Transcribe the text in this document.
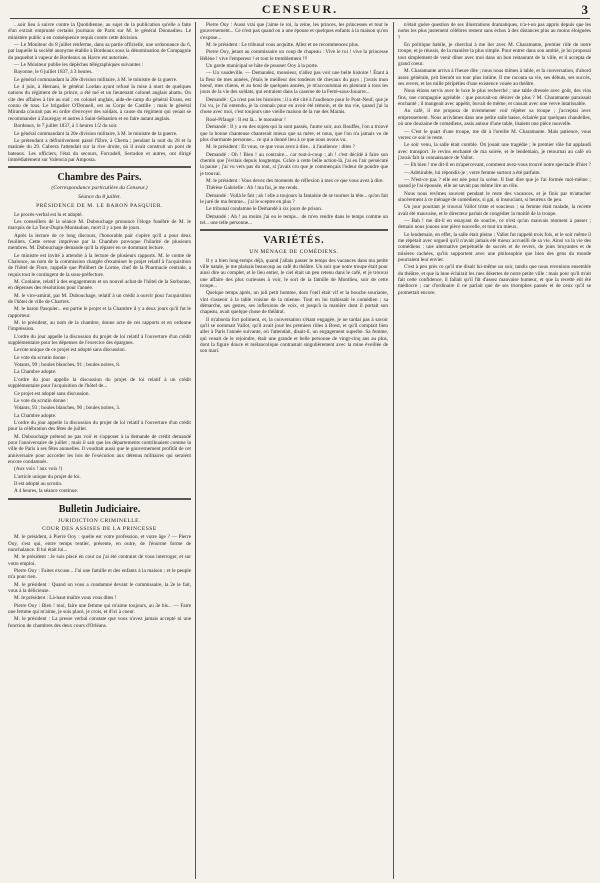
CENSEUR.	3

...soir lieu à suivre contre la Quotidienne, au sujet de la publication qu'elle a faite d'un extrait emprunté certains journaux de Paris sur M. le général Donnadieu. Le ministère public a en conséquence requis contre cette décision.

— Le Moniteur du 8 juillet renferme, dans sa partie officielle, une ordonnance du 6, par laquelle la société anonyme établie à Bordeaux sous la dénomination de Compagnie du paquebot à vapeur de Bordeaux au Havre est autorisée.

— Le Moniteur publie les dépêches télégraphiques suivantes :

Bayonne, le 6 juillet 1837, à 3 heures.

Le général commandant la 20e division militaire, à M. le ministre de la guerre.

Le 4 juin, à Hernani, le général Lordan ayant refusé la mise à mort de quelques nations du régiment de la prince, a été tué et un lieutenant colonel anglais abattu. On cite des affaires à lire au sud ; en colonel anglais, aide-de-camp du général Evans, est connu de tous. Le brigadier O'Donnell, est au Corps de Castille ; mais le général Miranda n'aurait pas eu ordre d'envoyer des soldats, à cause du régiment qui venait se recommander à Zouregay et autres à Saint-Sébastien et en faire autant anglais.

Bordeaux, le 7 juillet 1837, à 1 heures 1/2 du soir.

Le général commandant la 20e division militaire, à M. le ministre de la guerre.

Le prétendant a définitivement passé l'Ebre, à Cherta ; pendant la nuit du 28 et la matinée du 29. Cabrera l'attendait sur la rive droite, où il avait construit un pont de bateaux. Les officiers, l'état du secours, Forcadell, Serradon et autres, ont dirigé immédiatement sur Valencia par Amposta.

Chambre des Pairs.
(Correspondance particulière du Censeur.)
Séance du 8 juillet.
PRÉSIDENCE DE M. LE BARON PASQUIER.

Le procès-verbal est lu et adopté.

Les conseillers de la séance M. Dubouchage prononce l'éloge funèbre de M. le marquis de La Tour-Dupin-Montauban, mort il y a peu de jours.

Après la lecture de ce long discours, l'honorable pair s'opère qu'il a pour deux feuillets. Cette erreur imprévue par la Chambre provoque l'hilarité de plusieurs membres. M. Dubouchage demande qu'il la réparer en ce dommant lecture.

Le ministre est invité à attendre à la lecture de plusieurs rapports. M. le comte de Chalonce, au nom de la commission chargée d'examiner le projet relatif à l'acquisition de l'hôtel de Flore, rappelle que Philibert de Lorme, chef de la Pharmacie centrale, a requis tout le contingent de la sous-préfecture.

M. Conlaine, relatif à des engagements et un nouvel achat de l'hôtel de la Sorbonne, en dépenses des résolutions pour l'année.

M. le vice-amiral, par M. Dubouchage, relatif à un crédit à ouvrir pour l'acquisition de l'hôtel de ville de Chartres.

M. le baron Pasquier... est partie le projet et la Chambre il y a deux jours qu'il fut le rapporteur.

M. le président, au nom de la chambre, donne acte de ces rapports et en ordonne l'impression.

L'ordre du jour appelle la discussion du projet de loi relatif à l'ouverture d'un crédit supplémentaire pour les dépenses de l'exercice des épargnes.

Levote unique de ce projet est adopté sans discussion.

Le vote du scrutin donne :

Votants, 99 ; boules blanches, 91 ; boules noires, 8.

La Chambre adopte.

L'ordre du jour appelle la discussion du projet de loi relatif à un crédit supplémentaire pour l'acquisition de l'hôtel de...

Ce projet est adopté sans discussion.

Le vote du scrutin donne :

Votants, 93 ; boules blanches, 90 ; boules noires, 3.

La Chambre adopte.

L'ordre du jour appelle la discussion du projet de loi relatif à l'ouverture d'un crédit pour la célébration des fêtes de juillet.

M. Dubouchage prétend ne pas voir et s'opposer à la demande de crédit demandé pour l'anniversaire de juillet ; mais il sait que les départements contribuaient comme la ville de Paris à ses fêtes annuelles. Il voudrait aussi que le gouvernement profitât de cet anniversaire pour accorder les lois de l'exécution aux détenus militaires qui seraient encore condamnés.

(Aux voix ! aux voix !)

L'article unique du projet de loi.

Il est adopté au scrutin.

A 4 heures, la séance continue.

Bulletin Judiciaire.
JURIDICTION CRIMINELLE.
COUR DES ASSISES DE LA PRINCESSE

M. le président, à Pierre Ooy : quelle est votre profession, et votre âge ? — Pierre Ooy, s'est qui, entre temps rentier, présente, en outre, de l'énorme forme de nonchalance. Il lui était lui...

M. le président : Je suis placé en cour ou j'ai été contraint de vous interroger, et sur votre emploi.

Pierre Ooy : Faites excuse... J'ai une famille et des enfants à la maison ; et le peuple m'a pour rien.

M. le président : Quand on vous a condamné devant le commissaire, la 2e le fait, vous à la délicieuse.

M. le président : Là-haut maître vous vous dites !

Pierre Ooy : Bien ! moi, faire une femme qui m'aime toujours, au 3e bis... — Faire une femme qui m'aime, je suis placé, je crois, et d'ici à coeur.

M. le président : La presse verbal constate que vous n'avez jamais accepté ni une fonction de chambres des deux cours d'Orléans.

Pierre Ooy : Aussi vrai que j'aime le roi, la reine, les princes, les princesses et tout le gouvernement... Ce n'est pas quand on a une épouse et quelques enfants à la maison qu'on s'expose...

M. le président : Le tribunal vous acquitte. Allez et ne recommencez plus.

Pierre Ooy, jetant au commissaire un coup de chapeau : Vive le roi ! vive la princesse Hélène ! vive l'empereur ! et tout le tremblement !!!

Un garde municipal se hâte de pousser Ooy à la porte.

— Un vaudeville. — Demandez, monsieur, n'allez pas voir une belle histoire ! Étant à la fleur de mes années, j'étais le meilleur des tondeurs de chevaux du pays ; j'avais mon boeuf, mes chiens, et au bout de quelques années, je m'accoutumai en pleurant à tous les jours de la vie des soldats, qui entraient dans la caserne de la Ferté-sous-Jouarre...

Demandé : Ça n'est pas les histoires ; il a été cité à l'audience pour le Pont-Neuf, que je l'ai vu, je l'ai entendu, je la connais pour en avoir été témoin, et de ma vie, quand j'ai la chose avec moi, c'est toujours une vieille maison de la rue des Marais.

Rosé-Pifaugé : Il est là... le monsieur !

Demandé : Il y a eu des sujets qui la sont passés, l'autre soir, aux Bouffes, l'on a trouvé que la bonne chanteuse chanterait mieux que sa mère, et nous, que l'on n'a jamais vu de plus charmante personne... ce qui a donné lieu à ce que nous avons vu.

M. le président : Et vous, ce que vous avez à dire... à l'audience : dites ?

Demandé : Oh ! Bien ! au contraire... car tout-à-coup ; ah ! c'est décidé à faire son chemin que j'évitais depuis longtemps. Grâce à cette belle action-là, j'ai eu l'air persécuté la pause ; j'ai vu vers pas du tout, si j'avais cru que je commençais l'odeur de poudre que je trouvai.

M. le président : Vous devez des moments de réflexion à mes ce que vous avez à dire.

Thérèse Gabrielle : Ah ! ma foi, je me rends.

Demandé : Voilà le fait ; ah ! elle a toujours la fantaisie de se tourner la tête... qu'on fait le juré de ma femme... j'ai le sceptre en plus ?

Le tribunal condamne le Demandé à six jours de prison.

Demandé : Ah ! au moins j'ai eu le temps... de m'en rendre dans le temps comme un tel... une telle personne...

VARIÉTÉS.
UN MÉNAGE DE COMÉDIENS.

Il y a bien long-temps déjà, quand j'allais passer le temps des vacances dans ma petite ville natale, je me plaisais beaucoup au café du théâtre. Un soir que notre troupe était pour ainsi dire au complet, et le lieu entier, le ciel était un peu retenu dans le café, et je trouvai une affaire des plus curieuses à voir, le sort de la famille de Montlieu, soir de cette troupe...

Quelque temps après, un joli petit homme, dont l'oeil était vif et la bouche souriante, vint s'asseoir à la table voisine de la mienne. Tout en lui trahissait le comédien ; sa démarche, ses gestes, ses inflexions de voix, et jusqu'à la manière dont il portait son chapeau, avait quelque chose de théâtral.

Il m'aborda fort poliment, et, la conversation s'étant engagée, je ne tardai pas à savoir qu'il se nommait Vallot, qu'il avait joué les premiers rôles à Brest, et qu'il comptait bien aller à Paris l'année suivante, où l'attendait, disait-il, un engagement superbe. Sa femme, qui venait de le rejoindre, était une grande et belle personne de vingt-cinq ans au plus, dont la figure douce et mélancolique contrastait singulièrement avec la mine éveillée de son mari.

n'était guère question de ses illustrations dramatiques, n'a-t-on pas appris depuis que les noms les plus justement célèbres restent sans échos à des distances plus au moins éloignées ?

En politique habile, je cherchai à me lier avec M. Charamante, premier rôle de notre troupe, et je réussis, de la manière la plus simple. Pour entrer dans son amitié, je lui proposai tout simplement de venir dîner avec moi dans un bon restaurant de la ville, et il accepta de grand coeur.

M. Charamante arriva à l'heure dite ; nous nous mîmes à table, et la conversation, d'abord assez générale, prit bientôt un tour plus intime. Il me raconta sa vie, ses débuts, ses succès, ses revers, et les mille péripéties d'une existence vouée au théâtre.

Nous étions servis avec le luxe le plus recherché ; une table dressée avec goût, des vins fins, une compagnie agréable : que pouvait-on désirer de plus ? M. Charamante paraissait enchanté ; il mangeait avec appétit, buvait de même, et causait avec une verve intarissable.

Au café, il me proposa de m'emmener voir répéter sa troupe ; j'acceptai avec empressement. Nous arrivâmes dans une petite salle basse, éclairée par quelques chandelles, où une douzaine de comédiens, assis autour d'une table, lisaient une pièce nouvelle.

— C'est le quart d'une troupe, me dit à l'oreille M. Charamante. Mais patience, vous verrez ce soir le reste.

Le soir venu, la salle était comble. On jouait une tragédie ; le premier rôle fut applaudi avec transport. Je revins enchanté de ma soirée, et le lendemain, je retournai au café où j'avais fait la connaissance de Vallot.

— Eh bien ! me dit-il en m'apercevant, comment avez-vous trouvé notre spectacle d'hier ?

— Admirable, lui répondis-je ; votre femme surtout a été parfaite.

— N'est-ce pas ? elle est née pour la scène. Il faut dire que je l'ai formée moi-même ; quand je l'ai épousée, elle ne savait pas même lire un rôle.

Nous nous revîmes souvent pendant le reste des vacances, et je finis par m'attacher sincèrement à ce ménage de comédiens, si gai, si insouciant, si heureux de peu.

Un jour pourtant je trouvai Vallot triste et soucieux ; sa femme était malade, la recette avait été mauvaise, et le directeur parlait de congédier la moitié de la troupe.

— Bah ! me dit-il en essayant de sourire, ce n'est qu'un mauvais moment à passer ; demain nous jouons une pièce nouvelle, et tout ira mieux.

Le lendemain, en effet, la salle était pleine ; Vallot fut rappelé trois fois, et le soir même il me répétait avec orgueil qu'il n'avait jamais été mieux accueilli de sa vie. Ainsi va la vie des comédiens : une alternative perpétuelle de succès et de revers, de joies bruyantes et de misères cachées, qu'ils supportent avec une philosophie que bien des gens du monde pourraient leur envier.

C'est à peu près ce qu'il me disait lui-même un soir, tandis que nous revenions ensemble du théâtre, et que la lune éclairait les rues désertes de notre petite ville : mais pour qu'il m'ait fait cette confidence, il fallait qu'il fût d'assez mauvaise humeur, et que la recette eût été médiocre ; car d'ordinaire il ne parlait que de ses triomphes passés et de ceux qu'il se promettait encore.
